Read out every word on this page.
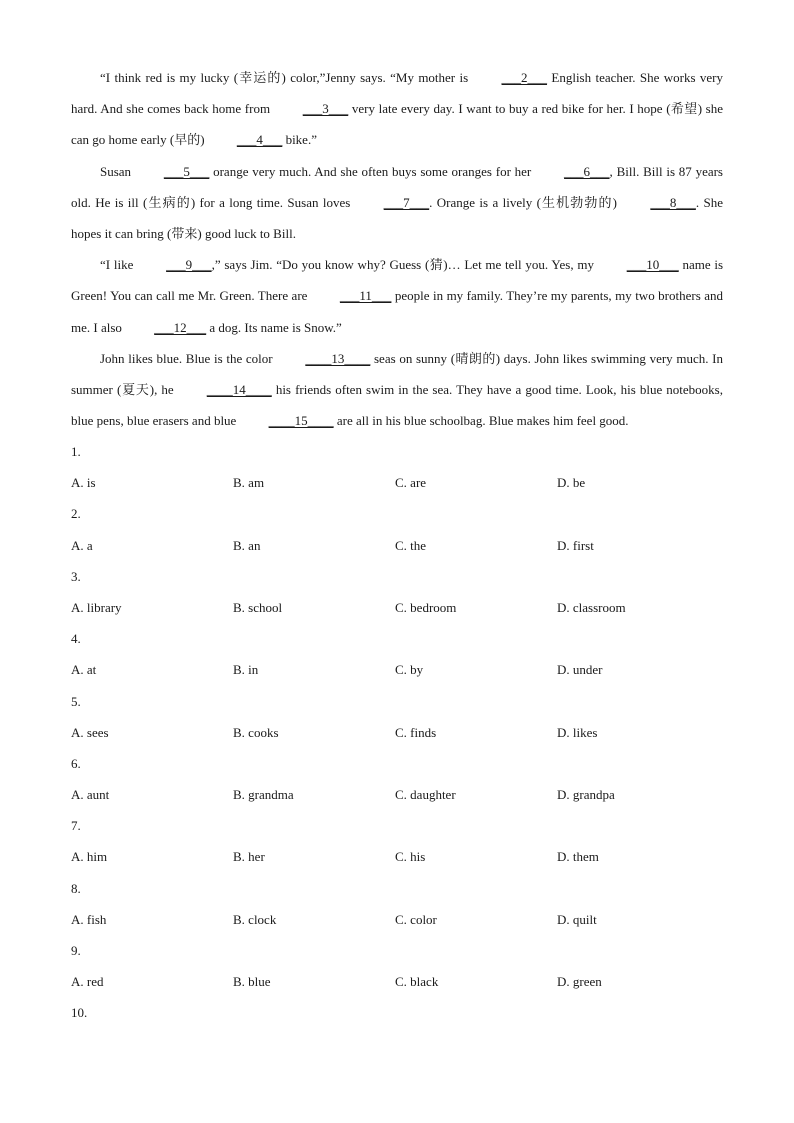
“I think red is my lucky (幸运的) color,”Jenny says. “My mother is ___2___ English teacher. She works very hard. And she comes back home from ___3___ very late every day. I want to buy a red bike for her. I hope (希望) she can go home early (早的) ___4___ bike.”

Susan ___5___ orange very much. And she often buys some oranges for her ___6___, Bill. Bill is 87 years old. He is ill (生病的) for a long time. Susan loves ___7___. Orange is a lively (生机勃勃的) ___8___. She hopes it can bring (带来) good luck to Bill.

“I like ___9___,” says Jim. “Do you know why? Guess (猜)… Let me tell you. Yes, my ___10___ name is Green! You can call me Mr. Green. There are ___11___ people in my family. They’re my parents, my two brothers and me. I also ___12___ a dog. Its name is Snow.”

John likes blue. Blue is the color ____13____ seas on sunny (晴朗的) days. John likes swimming very much. In summer (夏天), he ____14____ his friends often swim in the sea. They have a good time. Look, his blue notebooks, blue pens, blue erasers and blue ____15____ are all in his blue schoolbag. Blue makes him feel good.

1.
A. is	B. am	C. are	D. be
2.
A. a	B. an	C. the	D. first
3.
A. library	B. school	C. bedroom	D. classroom
4.
A. at	B. in	C. by	D. under
5.
A. sees	B. cooks	C. finds	D. likes
6.
A. aunt	B. grandma	C. daughter	D. grandpa
7.
A. him	B. her	C. his	D. them
8.
A. fish	B. clock	C. color	D. quilt
9.
A. red	B. blue	C. black	D. green
10.
